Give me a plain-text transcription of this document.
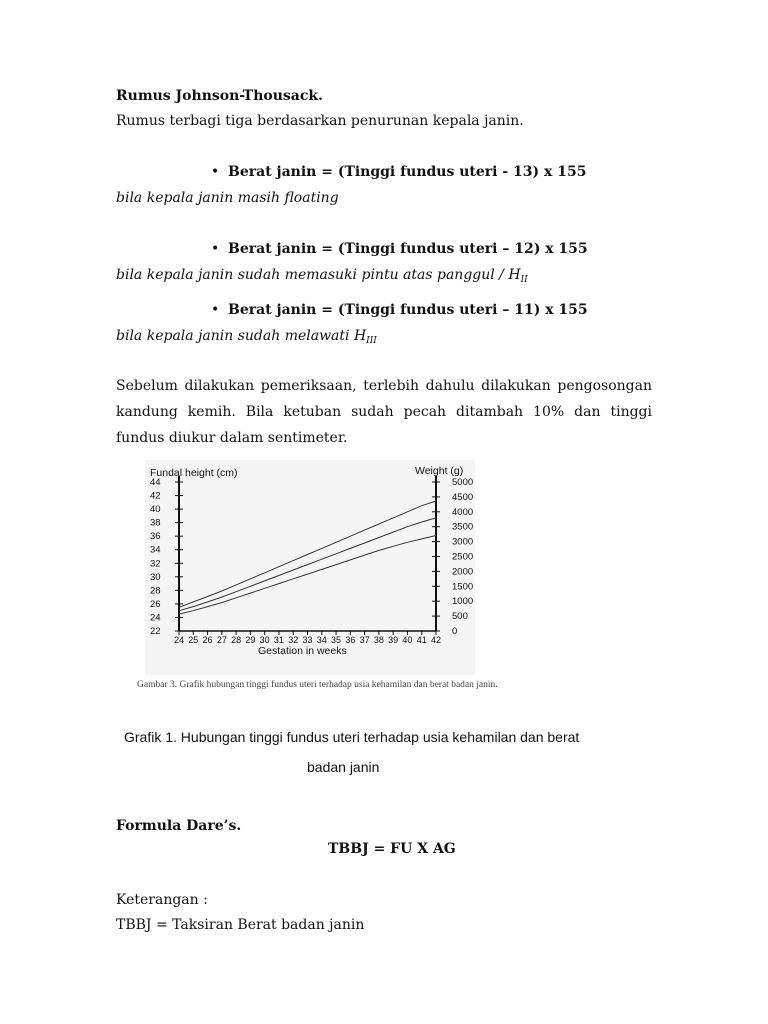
Rumus Johnson-Thousack.
Rumus terbagi tiga berdasarkan penurunan kepala janin.
• Berat janin = (Tinggi fundus uteri - 13) x 155
bila kepala janin masih floating
• Berat janin = (Tinggi fundus uteri – 12) x 155
bila kepala janin sudah memasuki pintu atas panggul / $H_{II}$
• Berat janin = (Tinggi fundus uteri – 11) x 155
bila kepala janin sudah melawati $H_{III}$
Sebelum dilakukan pemeriksaan, terlebih dahulu dilakukan pengosongan kandung kemih. Bila ketuban sudah pecah ditambah 10% dan tinggi fundus diukur dalam sentimeter.
22
24
26
28
30
32
34
36
38
40
42
44
0
500
1000
1500
2000
2500
3000
3500
4000
4500
5000
24 25 26 27 28 29 30 31 32 33 34 35 36 37 38 39 40 41 42
Fundal height (cm)	Weight (g)
Gestation in weeks
Gambar 3. Grafik hubungan tinggi fundus uteri terhadap usia kehamilan dan berat badan janin.
Grafik 1. Hubungan tinggi fundus uteri terhadap usia kehamilan dan berat
badan janin
Formula Dare’s.
TBBJ = FU X AG
Keterangan :
TBBJ = Taksiran Berat badan janin
